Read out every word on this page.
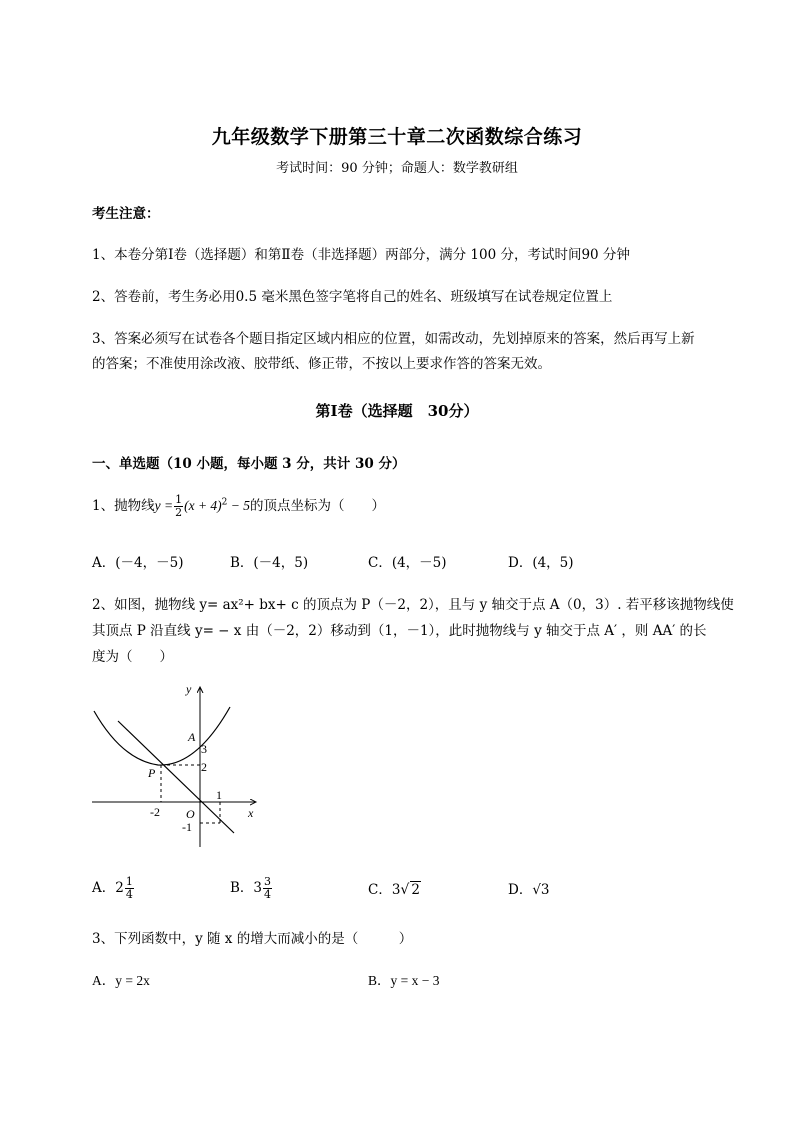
九年级数学下册第三十章二次函数综合练习
考试时间：90 分钟；命题人：数学教研组
考生注意：
1、本卷分第Ⅰ卷（选择题）和第Ⅱ卷（非选择题）两部分，满分 100 分，考试时间90 分钟
2、答卷前，考生务必用0.5 毫米黑色签字笔将自己的姓名、班级填写在试卷规定位置上
3、答案必须写在试卷各个题目指定区域内相应的位置，如需改动，先划掉原来的答案，然后再写上新
的答案；不准使用涂改液、胶带纸、修正带，不按以上要求作答的答案无效。
第Ⅰ卷（选择题　30分）
一、单选题（10 小题，每小题 3 分，共计 30 分）
1、抛物线$y = \frac{1}{2} (x + 4)^2 - 5$的顶点坐标为（　　）
A．(－4，－5)	B．(－4，5)	C．(4，－5)	D．(4，5)
2、如图，抛物线 y= ax²+ bx+ c 的顶点为 P（－2，2），且与 y 轴交于点 A（0，3）. 若平移该抛物线使
其顶点 P 沿直线 y= − x 由（－2，2）移动到（1，－1），此时抛物线与 y 轴交于点 A′ ，则 AA′ 的长
度为（　　）
y
x
A
3
2
P
-2 O
1
-1
A．$2 \frac{1}{4}$	B．$3 \frac{3}{4}$	C．3√ 2	D．√3
3、下列函数中，y 随 x 的增大而减小的是（　　　）
A．y = 2x	B．y = x − 3
